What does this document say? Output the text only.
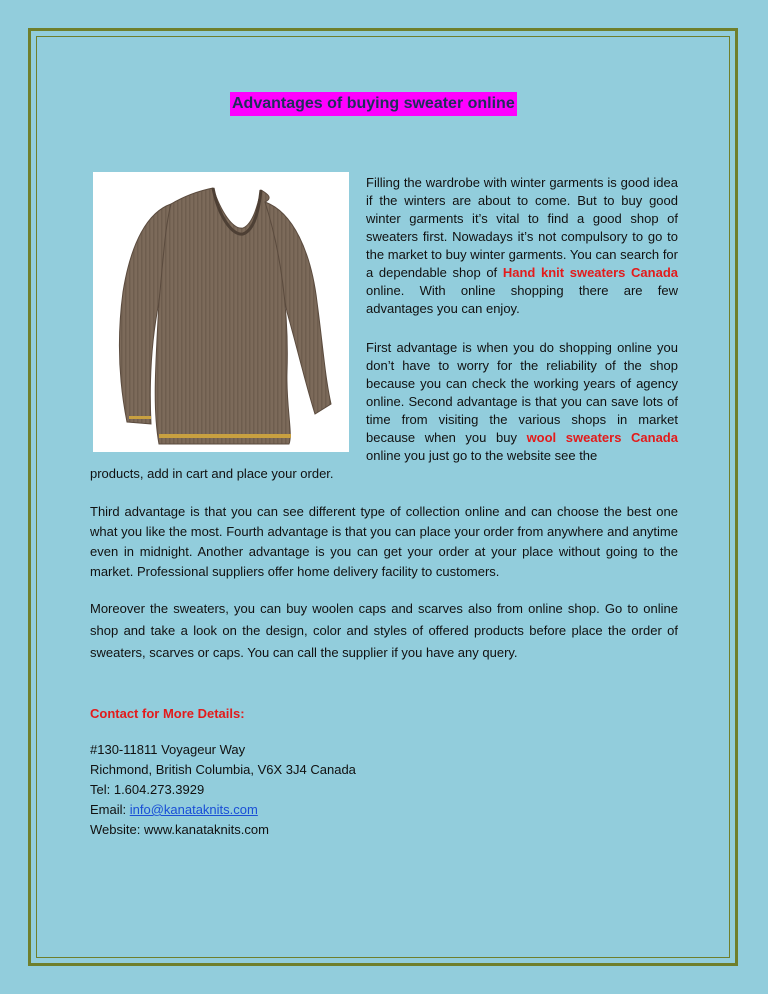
Advantages of buying sweater online

Filling the wardrobe with winter garments is good idea if the winters are about to come. But to buy good winter garments it’s vital to find a good shop of sweaters first. Nowadays it’s not compulsory to go to the market to buy winter garments. You can search for a dependable shop of Hand knit sweaters Canada online. With online shopping there are few advantages you can enjoy.

First advantage is when you do shopping online you don’t have to worry for the reliability of the shop because you can check the working years of agency online. Second advantage is that you can save lots of time from visiting the various shops in market because when you buy wool sweaters Canada online you just go to the website see the

products, add in cart and place your order.

Third advantage is that you can see different type of collection online and can choose the best one what you like the most. Fourth advantage is that you can place your order from anywhere and anytime even in midnight. Another advantage is you can get your order at your place without going to the market. Professional suppliers offer home delivery facility to customers.

Moreover the sweaters, you can buy woolen caps and scarves also from online shop. Go to online shop and take a look on the design, color and styles of offered products before place the order of sweaters, scarves or caps. You can call the supplier if you have any query.

Contact for More Details:
#130-11811 Voyageur Way
Richmond, British Columbia, V6X 3J4 Canada
Tel: 1.604.273.3929
Email: info@kanataknits.com
Website: www.kanataknits.com
